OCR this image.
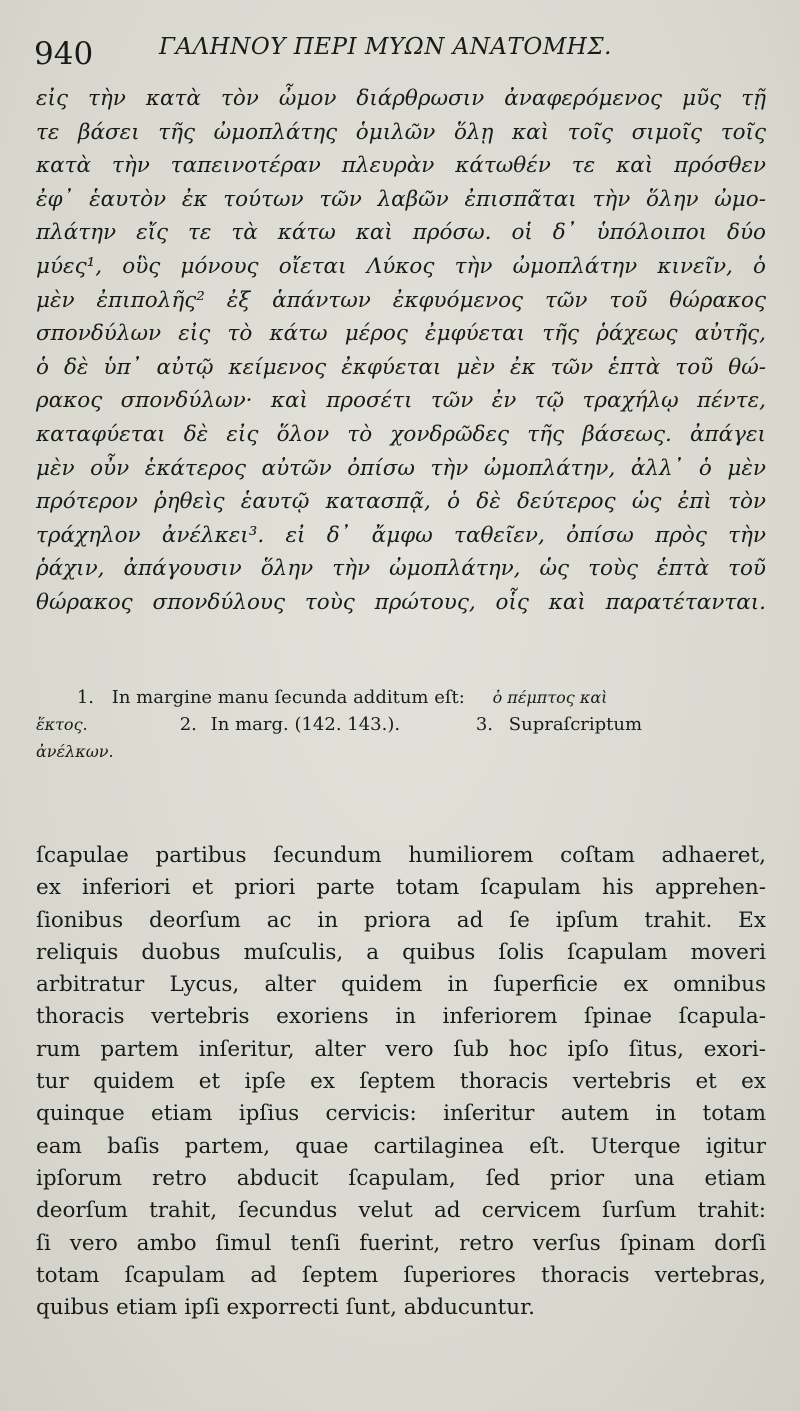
940	ΓΑΛΗΝΟΥ ΠΕΡΙ ΜΥΩΝ ΑΝΑΤΟΜΗΣ.
εἰς τὴν κατὰ τὸν ὦμον διάρθρωσιν ἀναφερόμενος μῦς τῇ
τε βάσει τῆς ὠμοπλάτης ὁμιλῶν ὅλῃ καὶ τοῖς σιμοῖς τοῖς
κατὰ τὴν ταπεινοτέραν πλευρὰν κάτωθέν τε καὶ πρόσθεν
ἐφ᾽ ἑαυτὸν ἐκ τούτων τῶν λαβῶν ἐπισπᾶται τὴν ὅλην ὠμο-
πλάτην εἴς τε τὰ κάτω καὶ πρόσω. οἱ δ᾽ ὑπόλοιποι δύο
μύες¹, οὓς μόνους οἴεται Λύκος τὴν ὠμοπλάτην κινεῖν, ὁ
μὲν ἐπιπολῆς² ἐξ ἁπάντων ἐκφυόμενος τῶν τοῦ θώρακος
σπονδύλων εἰς τὸ κάτω μέρος ἐμφύεται τῆς ῥάχεως αὐτῆς,
ὁ δὲ ὑπ᾽ αὐτῷ κείμενος ἐκφύεται μὲν ἐκ τῶν ἑπτὰ τοῦ θώ-
ρακος σπονδύλων· καὶ προσέτι τῶν ἐν τῷ τραχήλῳ πέντε,
καταφύεται δὲ εἰς ὅλον τὸ χονδρῶδες τῆς βάσεως. ἀπάγει
μὲν οὖν ἑκάτερος αὐτῶν ὀπίσω τὴν ὠμοπλάτην, ἀλλ᾽ ὁ μὲν
πρότερον ῥηθεὶς ἑαυτῷ κατασπᾷ, ὁ δὲ δεύτερος ὡς ἐπὶ τὸν
τράχηλον ἀνέλκει³. εἰ δ᾽ ἄμφω ταθεῖεν, ὀπίσω πρὸς τὴν
ῥάχιν, ἀπάγουσιν ὅλην τὴν ὠμοπλάτην, ὡς τοὺς ἑπτὰ τοῦ
θώρακος σπονδύλους τοὺς πρώτους, οἷς καὶ παρατέτανται.
1. In margine manu ſecunda additum eſt: ὁ πέμπτος καὶ
ἕκτος.	2. In marg. (142. 143.).	3. Supraſcriptum
ἀνέλκων.
ſcapulae partibus ſecundum humiliorem coſtam adhaeret,
ex inferiori et priori parte totam ſcapulam his apprehen-
ſionibus deorſum ac in priora ad ſe ipſum trahit. Ex
reliquis duobus muſculis, a quibus ſolis ſcapulam moveri
arbitratur Lycus, alter quidem in ſuperficie ex omnibus
thoracis vertebris exoriens in inferiorem ſpinae ſcapula-
rum partem inſeritur, alter vero ſub hoc ipſo ſitus, exori-
tur quidem et ipſe ex ſeptem thoracis vertebris et ex
quinque etiam ipſius cervicis: inſeritur autem in totam
eam baſis partem, quae cartilaginea eſt. Uterque igitur
ipſorum retro abducit ſcapulam, ſed prior una etiam
deorſum trahit, ſecundus velut ad cervicem ſurſum trahit:
ſi vero ambo ſimul tenſi fuerint, retro verſus ſpinam dorſi
totam ſcapulam ad ſeptem ſuperiores thoracis vertebras,
quibus etiam ipſi exporrecti ſunt, abducuntur.
